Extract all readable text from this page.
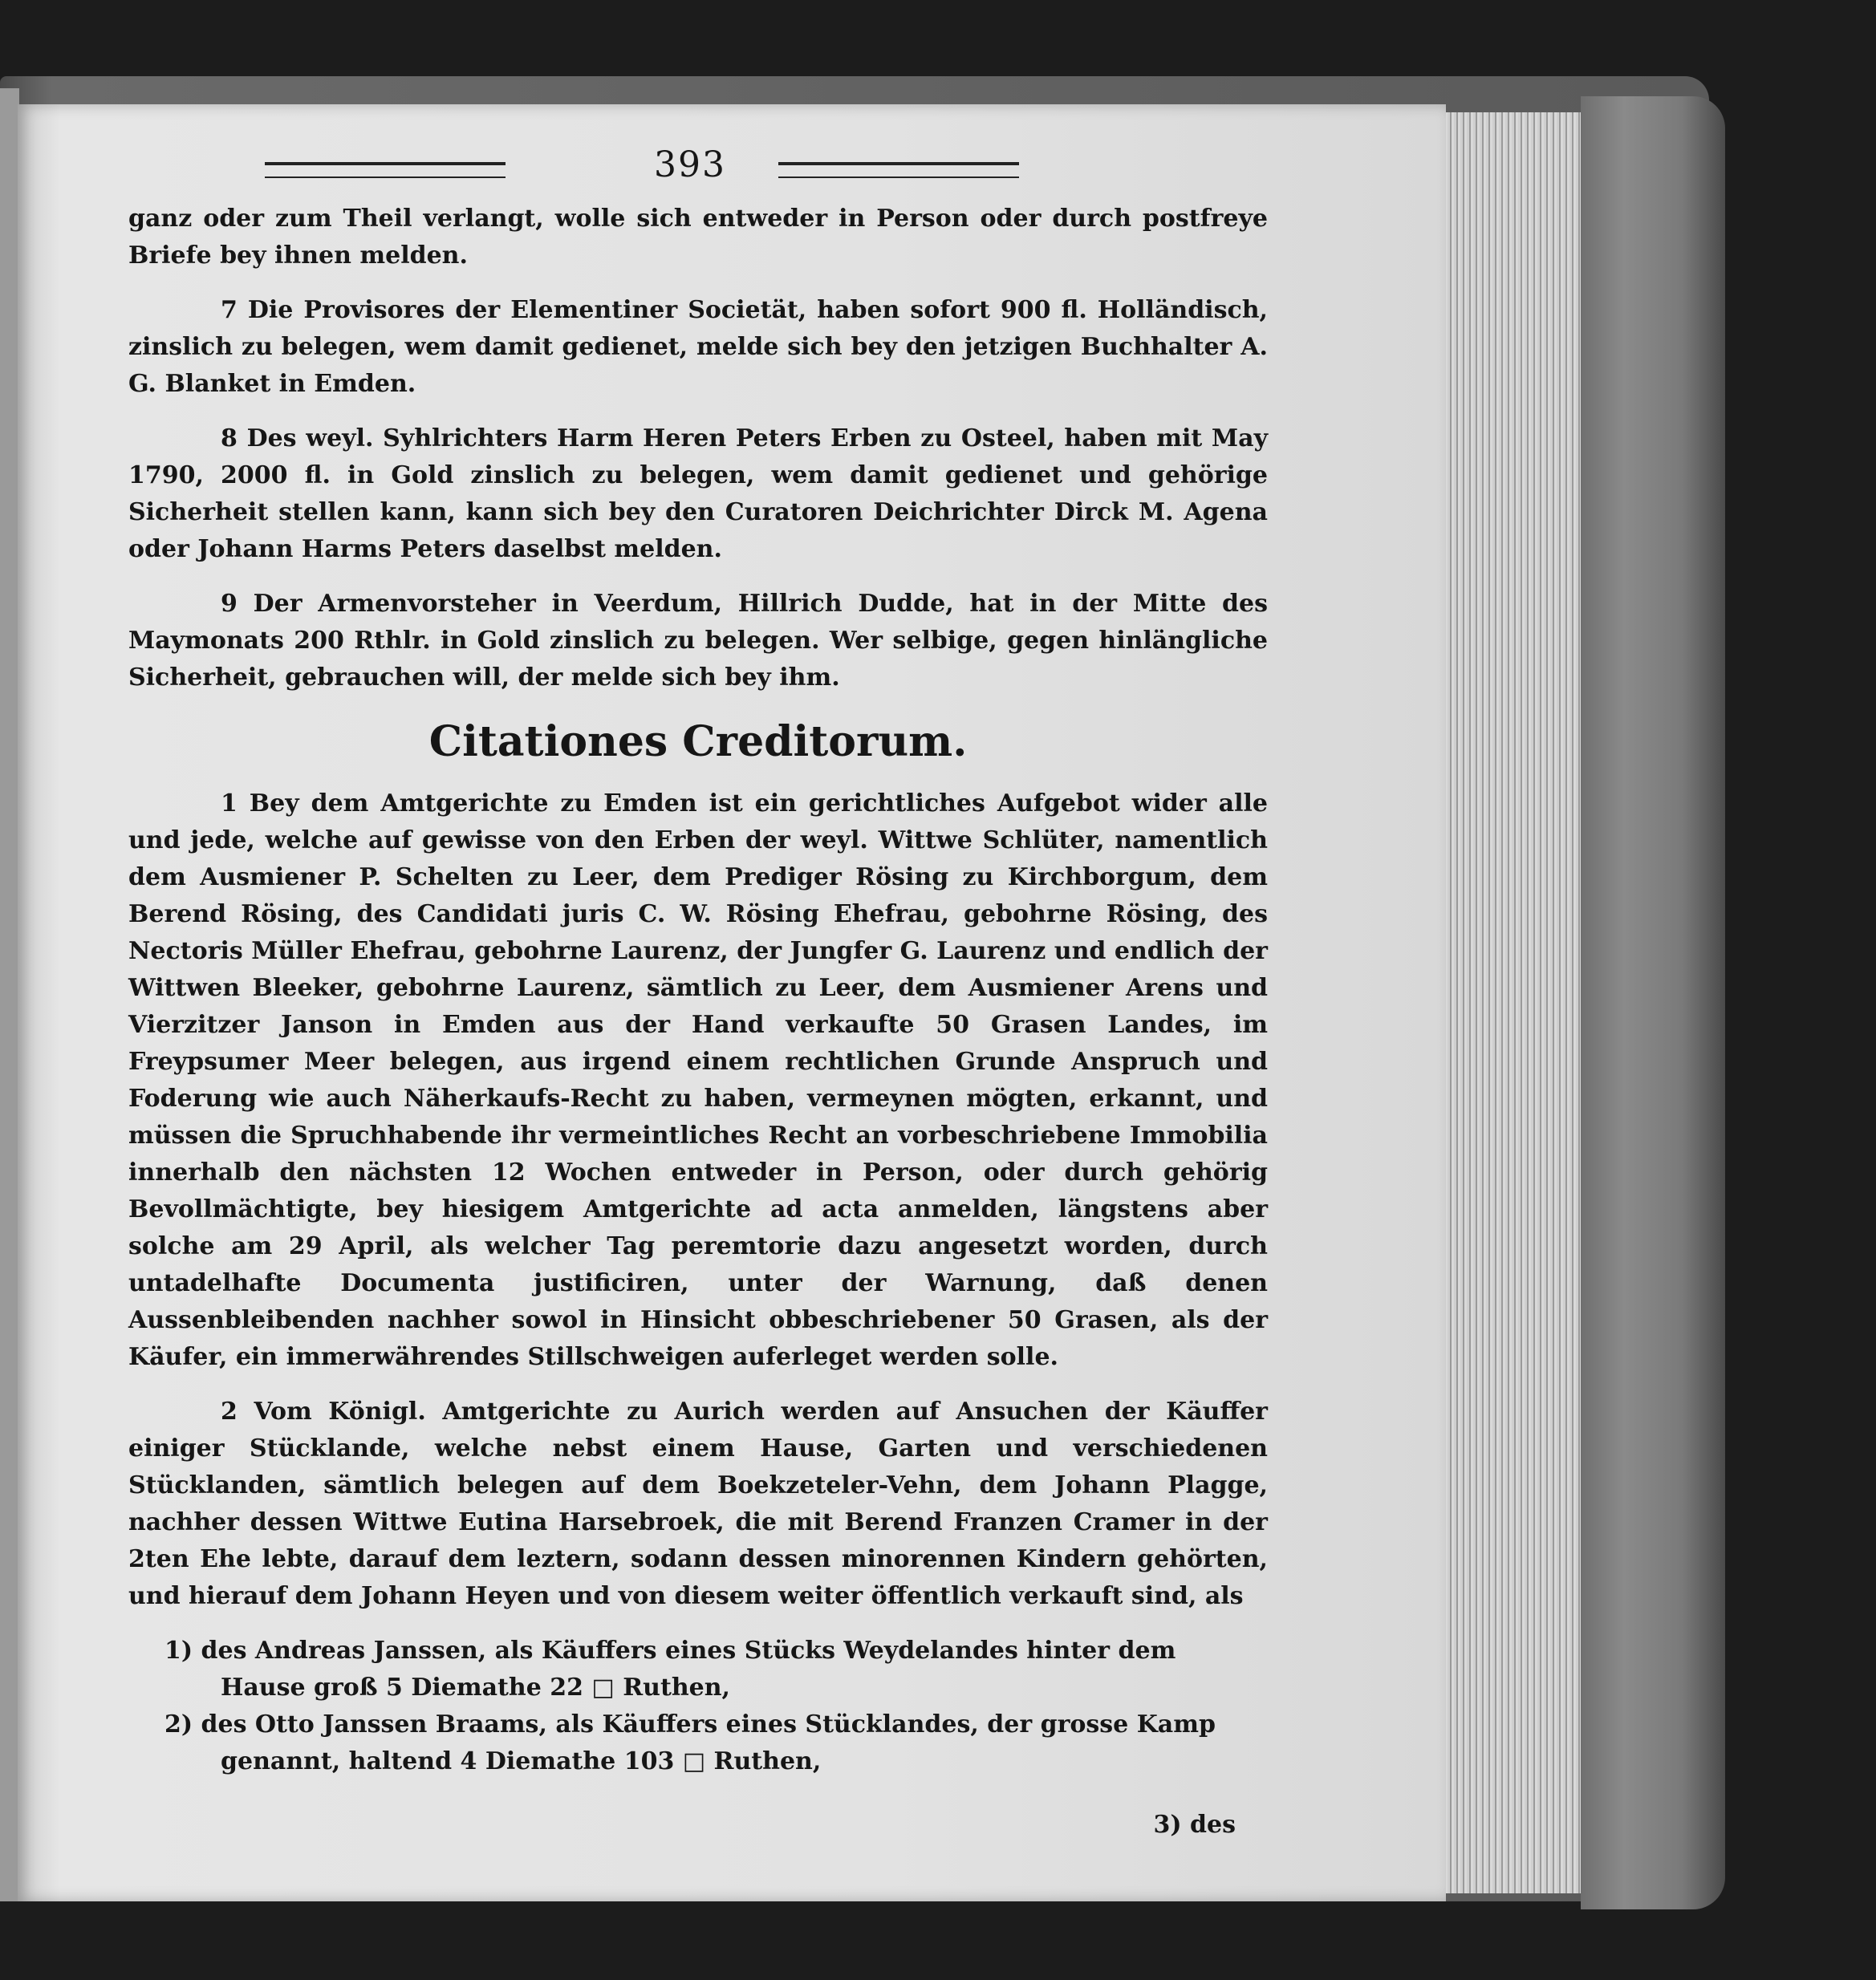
393

ganz oder zum Theil verlangt, wolle sich entweder in Person oder durch postfreye Briefe bey ihnen melden.

7 Die Provisores der Elementiner Societät, haben sofort 900 fl. Holländisch, zinslich zu belegen, wem damit gedienet, melde sich bey den jetzigen Buchhalter A. G. Blanket in Emden.

8 Des weyl. Syhlrichters Harm Heren Peters Erben zu Osteel, haben mit May 1790, 2000 fl. in Gold zinslich zu belegen, wem damit gedienet und gehörige Sicherheit stellen kann, kann sich bey den Curatoren Deichrichter Dirck M. Agena oder Johann Harms Peters daselbst melden.

9 Der Armenvorsteher in Veerdum, Hillrich Dudde, hat in der Mitte des Maymonats 200 Rthlr. in Gold zinslich zu belegen. Wer selbige, gegen hinlängliche Sicherheit, gebrauchen will, der melde sich bey ihm.

Citationes Creditorum.

1 Bey dem Amtgerichte zu Emden ist ein gerichtliches Aufgebot wider alle und jede, welche auf gewisse von den Erben der weyl. Wittwe Schlüter, namentlich dem Ausmiener P. Schelten zu Leer, dem Prediger Rösing zu Kirchborgum, dem Berend Rösing, des Candidati juris C. W. Rösing Ehefrau, gebohrne Rösing, des Nectoris Müller Ehefrau, gebohrne Laurenz, der Jungfer G. Laurenz und endlich der Wittwen Bleeker, gebohrne Laurenz, sämtlich zu Leer, dem Ausmiener Arens und Vierzitzer Janson in Emden aus der Hand verkaufte 50 Grasen Landes, im Freypsumer Meer belegen, aus irgend einem rechtlichen Grunde Anspruch und Foderung wie auch Näherkaufs-Recht zu haben, vermeynen mögten, erkannt, und müssen die Spruchhabende ihr vermeintliches Recht an vorbeschriebene Immobilia innerhalb den nächsten 12 Wochen entweder in Person, oder durch gehörig Bevollmächtigte, bey hiesigem Amtgerichte ad acta anmelden, längstens aber solche am 29 April, als welcher Tag peremtorie dazu angesetzt worden, durch untadelhafte Documenta justificiren, unter der Warnung, daß denen Aussenbleibenden nachher sowol in Hinsicht obbeschriebener 50 Grasen, als der Käufer, ein immerwährendes Stillschweigen auferleget werden solle.

2 Vom Königl. Amtgerichte zu Aurich werden auf Ansuchen der Käuffer einiger Stücklande, welche nebst einem Hause, Garten und verschiedenen Stücklanden, sämtlich belegen auf dem Boekzeteler-Vehn, dem Johann Plagge, nachher dessen Wittwe Eutina Harsebroek, die mit Berend Franzen Cramer in der 2ten Ehe lebte, darauf dem leztern, sodann dessen minorennen Kindern gehörten, und hierauf dem Johann Heyen und von diesem weiter öffentlich verkauft sind, als

1) des Andreas Janssen, als Käuffers eines Stücks Weydelandes hinter dem Hause groß 5 Diemathe 22 □ Ruthen,

2) des Otto Janssen Braams, als Käuffers eines Stücklandes, der grosse Kamp genannt, haltend 4 Diemathe 103 □ Ruthen,

3) des
